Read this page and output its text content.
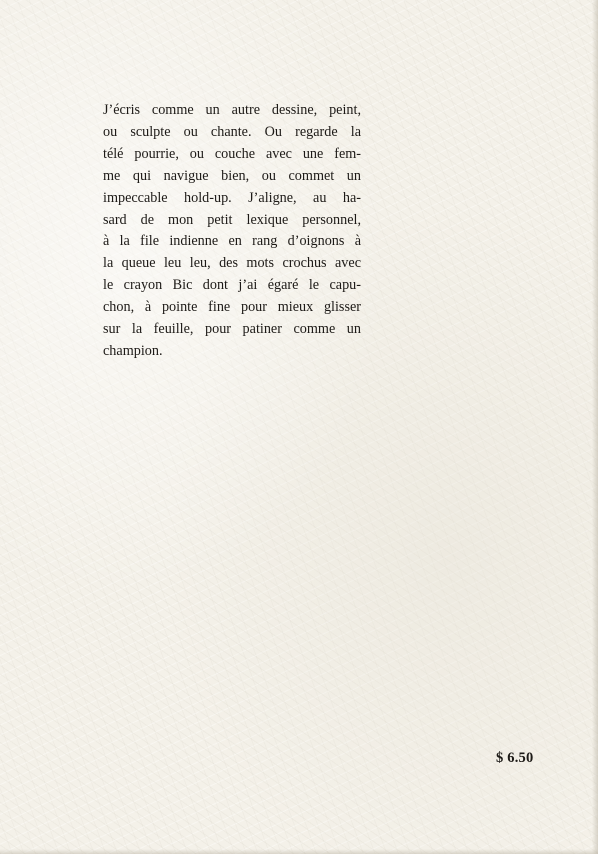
J’écris comme un autre dessine, peint,
ou sculpte ou chante. Ou regarde la
télé pourrie, ou couche avec une fem-
me qui navigue bien, ou commet un
impeccable hold-up. J’aligne, au ha-
sard de mon petit lexique personnel,
à la file indienne en rang d’oignons à
la queue leu leu, des mots crochus avec
le crayon Bic dont j’ai égaré le capu-
chon, à pointe fine pour mieux glisser
sur la feuille, pour patiner comme un
champion.
$ 6.50
